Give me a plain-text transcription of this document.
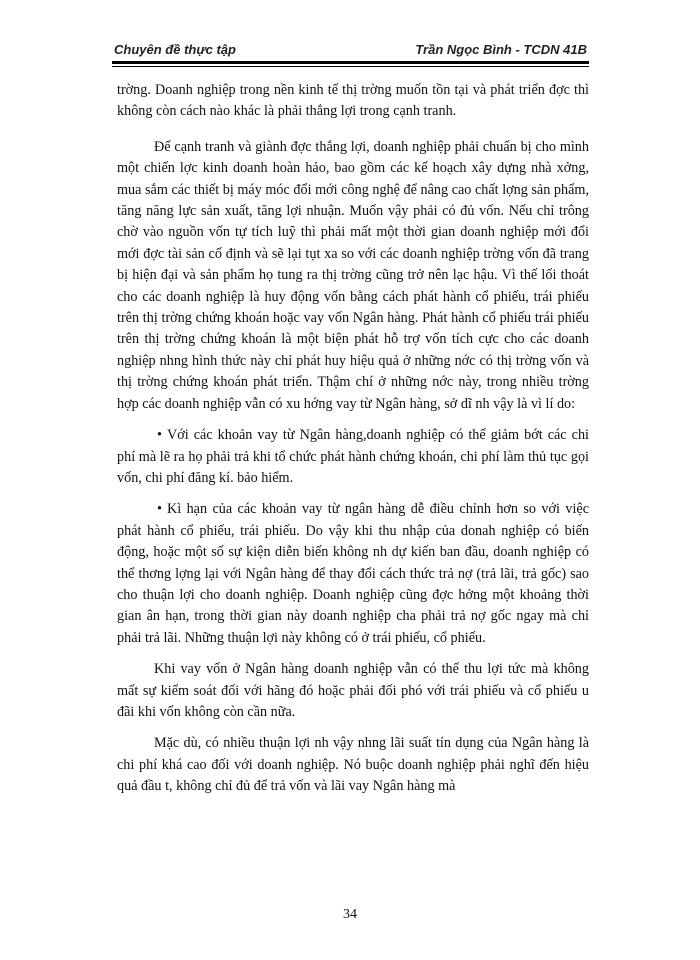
Chuyên đề thực tập	Trần Ngọc Bình - TCDN 41B

trờng. Doanh nghiệp trong nền kinh tế thị trờng muốn tồn tại và phát triển đợc thì không còn cách nào khác là phải thắng lợi trong cạnh tranh.

Để cạnh tranh và giành đợc thắng lợi, doanh nghiệp phải chuẩn bị cho mình một chiến lợc kinh doanh hoàn hảo, bao gồm các kế hoạch xây dựng nhà xởng, mua sắm các thiết bị máy móc đổi mới công nghệ để nâng cao chất lợng sản phẩm, tăng năng lực sản xuất, tăng lợi nhuận. Muốn vậy phải có đủ vốn. Nếu chỉ trông chờ vào nguồn vốn tự tích luỹ thì phải mất một thời gian doanh nghiệp mới đổi mới đợc tài sản cố định và sẽ lại tụt xa so với các doanh nghiệp trờng vốn đã trang bị hiện đại và sản phẩm họ tung ra thị trờng cũng trở nên lạc hậu. Vì thế lối thoát cho các doanh nghiệp là huy động vốn bằng cách phát hành cổ phiếu, trái phiếu trên thị trờng chứng khoán hoặc vay vốn Ngân hàng. Phát hành cổ phiếu trái phiếu trên thị trờng chứng khoán là một biện phát hỗ trợ vốn tích cực cho các doanh nghiệp nhng hình thức này chỉ phát huy hiệu quả ở những nớc có thị trờng vốn và thị trờng chứng khoán phát triển. Thậm chí ở những nớc này, trong nhiều trờng hợp các doanh nghiệp vẫn có xu hớng vay từ Ngân hàng, sở dĩ nh vậy là vì lí do:

• Với các khoản vay từ Ngân hàng,doanh nghiệp có thể giảm bớt các chi phí mà lẽ ra họ phải trả khi tổ chức phát hành chứng khoán, chi phí làm thủ tục gọi vốn, chi phí đăng kí. bảo hiểm.

• Kì hạn của các khoản vay từ ngân hàng dễ điều chỉnh hơn so với việc phát hành cổ phiếu, trái phiếu. Do vậy khi thu nhập của donah nghiệp có biến động, hoặc một số sự kiện diễn biến không nh dự kiến ban đầu, doanh nghiệp có thể thơng lợng lại với Ngân hàng để thay đổi cách thức trả nợ (trả lãi, trả gốc) sao cho thuận lợi cho doanh nghiệp. Doanh nghiệp cũng đợc hởng một khoảng thời gian ân hạn, trong thời gian này doanh nghiệp cha phải trả nợ gốc ngay mà chỉ phải trả lãi. Những thuận lợi này không có ở trái phiếu, cổ phiếu.

Khi vay vốn ở Ngân hàng doanh nghiệp vẫn có thể thu lợi tức mà không mất sự kiểm soát đối với hãng đó hoặc phải đối phó với trái phiếu và cổ phiếu u đãi khi vốn không còn cần nữa.

Mặc dù, có nhiều thuận lợi nh vậy nhng lãi suất tín dụng của Ngân hàng là chi phí khá cao đối với doanh nghiệp. Nó buộc doanh nghiệp phải nghĩ đến hiệu quả đầu t, không chỉ đủ để trả vốn và lãi vay Ngân hàng mà

34
